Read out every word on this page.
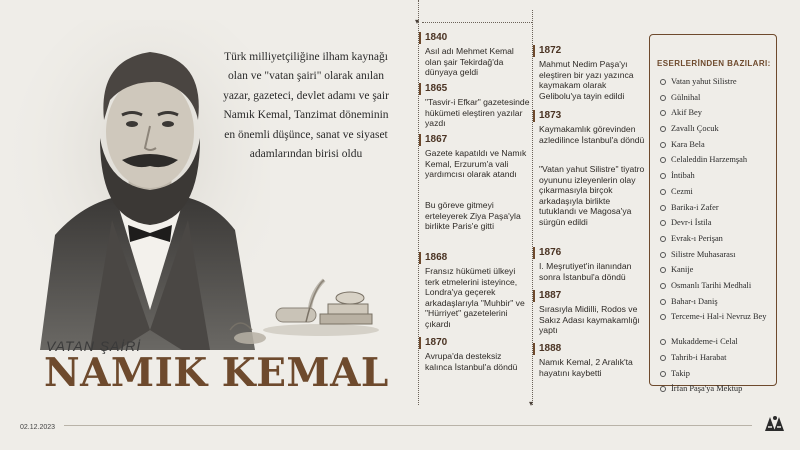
Türk milliyetçiliğine ilham kaynağı olan ve "vatan şairi" olarak anılan yazar, gazeteci, devlet adamı ve şair Namık Kemal, Tanzimat döneminin en önemli düşünce, sanat ve siyaset adamlarından birisi oldu

VATAN ŞAİRİ
NAMIK KEMAL
▾
▾
1840
Asıl adı Mehmet Kemal olan şair Tekirdağ'da dünyaya geldi
1865
"Tasvir-i Efkar" gazetesinde hükümeti eleştiren yazılar yazdı
1867
Gazete kapatıldı ve Namık Kemal, Erzurum'a vali yardımcısı olarak atandı
Bu göreve gitmeyi erteleyerek Ziya Paşa'yla birlikte Paris'e gitti
1868
Fransız hükümeti ülkeyi terk etmelerini isteyince, Londra'ya geçerek arkadaşlarıyla "Muhbir" ve "Hürriyet" gazetelerini çıkardı
1870
Avrupa'da desteksiz kalınca İstanbul'a döndü
1872
Mahmut Nedim Paşa'yı eleştiren bir yazı yazınca kaymakam olarak Gelibolu'ya tayin edildi
1873
Kaymakamlık görevinden azledilince İstanbul'a döndü
"Vatan yahut Silistre" tiyatro oyununu izleyenlerin olay çıkarmasıyla birçok arkadaşıyla birlikte tutuklandı ve Magosa'ya sürgün edildi
1876
I. Meşrutiyet'in ilanından sonra İstanbul'a döndü
1887
Sırasıyla Midilli, Rodos ve Sakız Adası kaymakamlığı yaptı
1888
Namık Kemal, 2 Aralık'ta hayatını kaybetti
ESERLERİNDEN BAZILARI:
Vatan yahut Silistre
Gülnihal
Akif Bey
Zavallı Çocuk
Kara Bela
Celaleddin Harzemşah
İntibah
Cezmi
Barika-i Zafer
Devr-i İstila
Evrak-ı Perişan
Silistre Muhasarası
Kanije
Osmanlı Tarihi Medhali
Bahar-ı Daniş
Terceme-i Hal-i Nevruz Bey
Mukaddeme-i Celal
Tahrib-i Harabat
Takip
İrfan Paşa'ya Mektup
02.12.2023
